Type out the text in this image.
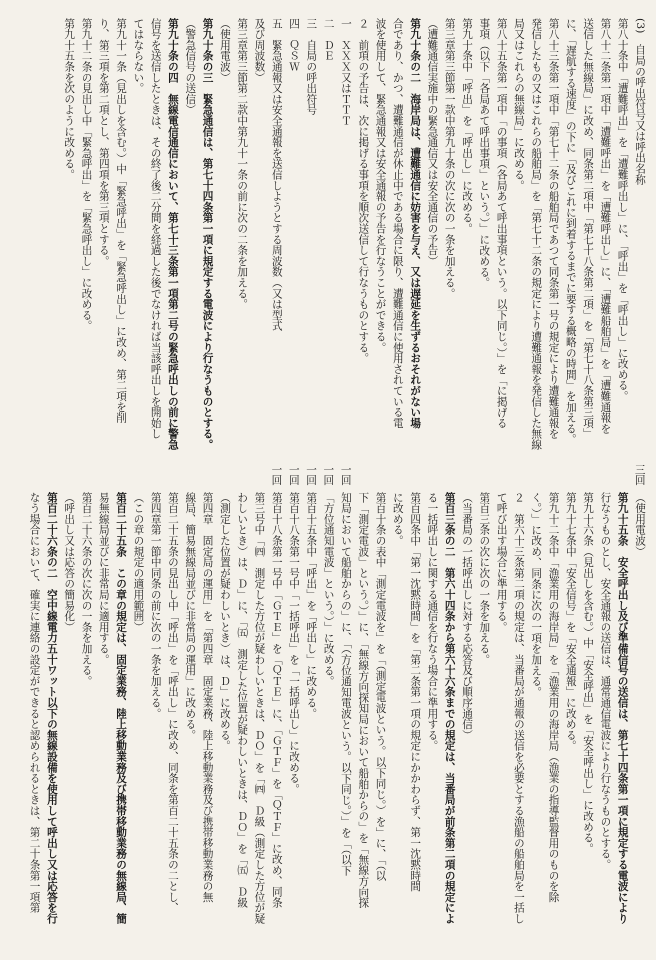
(3)　自局の呼出符号又は呼出名称
三回
第八十条中「遭難呼出」を「遭難呼出し」に、「呼出」を「呼出し」に改める。
第八十二条第一項中「遭難呼出」を「遭難呼出し」に、「遭難船舶局」を「遭難通報を
送信した無線局」に改め、同条第二項中「第七十八条第二項」を「第七十八条第三項」
に、「遅航する速度」の下に「及びこれに到着するまでに要する概略の時間」を加える。
第八十三条第一項中「第七十二条の船舶局であつて同条第一号の規定により遭難通報を
発信したもの又はこれらの船舶局」を「第七十二条の規定により遭難通報を発信した無線
局又はこれらの無線局」に改める。
第八十五条第一項中「の事項（各局あて呼出事項という。以下同じ。）」を「に掲げる
事項（以下「各局あて呼出事項」という。）」に改める。
第九十条中「呼出」を「呼出し」に改める。
第三章第三節第一款中第九十条の次に次の一条を加える。
（遭難通信実施中の緊急通信又は安全通信の予告）
第九十条の二　海岸局は、遭難通信に妨害を与え、又は遅延を生ずるおそれがない場
合であり、かつ、遭難通信が休止中である場合に限り、遭難通信に使用されている電
波を使用して、緊急通報又は安全通報の予告を行なうことができる。
２　前項の予告は、次に掲げる事項を順次送信して行なうものとする。
一　ＸＸＸ又はＴＴＴ
一回
二　ＤＥ
一回
三　自局の呼出符号
一回
四　ＱＳＷ
一回
五　緊急通報又は安全通報を送信しようとする周波数（又は型式
一回
及び周波数）
第三章第三節第二款中第九十一条の前に次の二条を加える。
（使用電波）
第九十条の三　緊急通信は、第七十四条第一項に規定する電波により行なうものとする。
（警急信号の送信）
第九十条の四　無線電信通信において、第七十三条第一項第二号の緊急呼出しの前に警急
信号を送信したときは、その終了後二分間を経過した後でなければ当該呼出しを開始し
てはならない。
第九十一条（見出しを含む。）中「緊急呼出」を「緊急呼出し」に改め、第二項を削
り、第三項を第二項とし、第四項を第三項とする。
第九十二条の見出し中「緊急呼出」を「緊急呼出し」に改める。
第九十五条を次のように改める。
（使用電波）
第九十五条　安全呼出し及び準備信号の送信は、第七十四条第一項に規定する電波により
行なうものとし、安全通報の送信は、通常通信電波により行なうものとする。
第九十六条（見出しを含む。）中「安全呼出」を「安全呼出し」に改める。
第九十七条中「安全信号」を「安全通報」に改める。
第九十二条中「漁業用の海岸局」を「漁業用の海岸局（漁業の指導監督用のものを除
く。）」に改め、同条に次の一項を加える。
２　第六十三条第二項の規定は、当番局が通報の送信を必要とする漁船の船舶局を一括し
て呼び出す場合に準用する。
第百三条の次に次の一条を加える。
（当番局の一括呼出しに対する応答及び順序通信）
第百三条の二　第六十四条から第六十六条までの規定は、当番局が前条第二項の規定によ
る一括呼出しに関する通信を行なう場合に準用する。
第百四条中「第一沈黙時間」を「第二条第一項の規定にかかわらず、第一沈黙時間
に改める。
第百十条の表中「測定電波を」を「（測定電波という。以下同じ。）を」に、「（以
下「測定電波」という。）」に、「無線方向探知局において船舶からの」を「無線方向探
知局において船舶からの」に、「（方位通知電波という。以下同じ。）」を「（以下
「方位通知電波」という。）」に改める。
第百十五条中「呼出」を「呼出し」に改める。
第百十八条第一号中「一括呼出」を「一括呼出し」に改める。
第百十八条第一号中「ＧＴＥ」を「ＱＴＥ」に、「ＧＴＦ」を「ＱＴＦ」に改め、同条
第三号中「㈣　測定した方位が疑わしいときは、ＤＯ」を「㈣　Ｄ級（測定した方位が疑
わしいとき）は、Ｄ」に、「㈤　測定した位置が疑わしいときは、ＤＯ」を「㈤　Ｄ級
（測定した位置が疑わしいとき）は、Ｄ」に改める。
第四章　固定局の運用」を「第四章　固定業務、陸上移動業務及び携帯移動業務の無
線局、簡易無線局並びに非常局の運用」に改める。
第百二十五条の見出し中「呼出」を「呼出し」に改め、同条を第百二十五条の二とし、
第四章第一節中同条の前に次の一条を加える。
（この章の規定の適用範囲）
第百二十五条　この章の規定は、固定業務、陸上移動業務及び携帯移動業務の無線局、簡
易無線局並びに非常局に適用する。
第百二十六条の次に次の一条を加える。
（呼出し又は応答の簡易化）
第百二十六条の二　空中線電力五十ワット以下の無線設備を使用して呼出し又は応答を行
なう場合において、確実に連絡の設定ができると認められるときは、第二十条第一項第
